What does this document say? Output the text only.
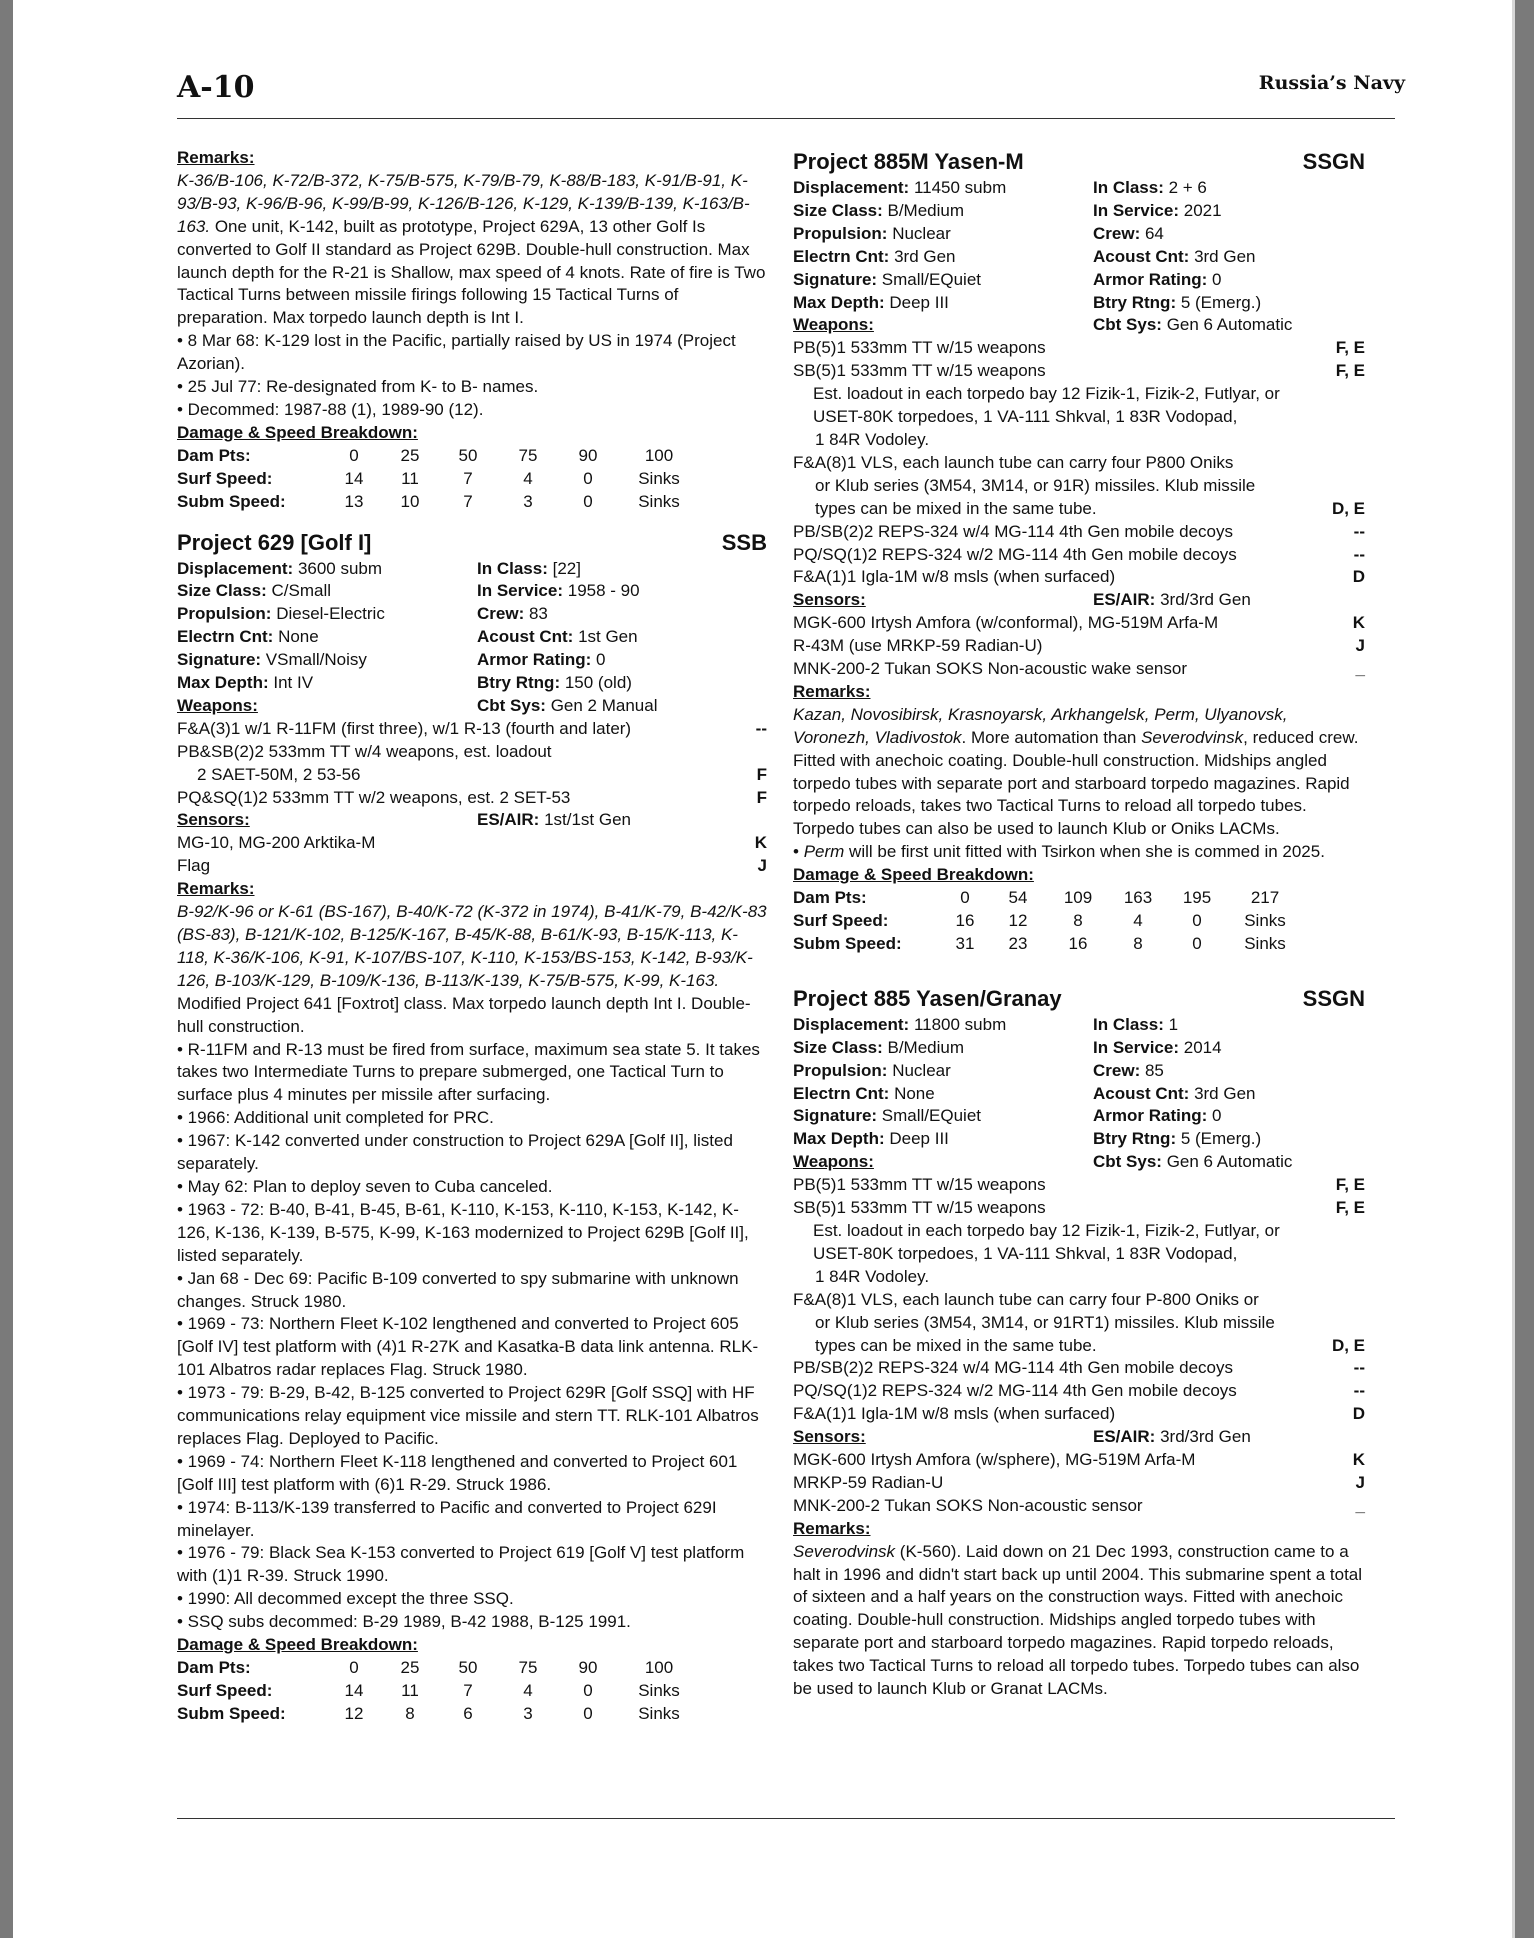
A-10	Russia’s Navy
Remarks:
K-36/B-106, K-72/B-372, K-75/B-575, K-79/B-79, K-88/B-183, K-91/B-91, K-93/B-93, K-96/B-96, K-99/B-99, K-126/B-126, K-129, K-139/B-139, K-163/B-163. One unit, K-142, built as prototype, Project 629A, 13 other Golf Is converted to Golf II standard as Project 629B. Double-hull construction. Max launch depth for the R-21 is Shallow, max speed of 4 knots. Rate of fire is Two Tactical Turns between missile firings following 15 Tactical Turns of preparation. Max torpedo launch depth is Int I.
• 8 Mar 68: K-129 lost in the Pacific, partially raised by US in 1974 (Project Azorian).
• 25 Jul 77: Re-designated from K- to B- names.
• Decommed: 1987-88 (1), 1989-90 (12).
Damage & Speed Breakdown:
Dam Pts:	0	25	50	75	90	100
Surf Speed:	14	11	7	4	0	Sinks
Subm Speed:	13	10	7	3	0	Sinks
Project 629 [Golf I]	SSB
Displacement: 3600 subm	In Class: [22]
Size Class: C/Small	In Service: 1958 - 90
Propulsion: Diesel-Electric	Crew: 83
Electrn Cnt: None	Acoust Cnt: 1st Gen
Signature: VSmall/Noisy	Armor Rating: 0
Max Depth: Int IV	Btry Rtng: 150 (old)
Weapons:	Cbt Sys: Gen 2 Manual
F&A(3)1 w/1 R-11FM (first three), w/1 R-13 (fourth and later)	--
PB&SB(2)2 533mm TT w/4 weapons, est. loadout
2 SAET-50M, 2 53-56	F
PQ&SQ(1)2 533mm TT w/2 weapons, est. 2 SET-53	F
Sensors:	ES/AIR: 1st/1st Gen
MG-10, MG-200 Arktika-M	K
Flag	J
Remarks:
B-92/K-96 or K-61 (BS-167), B-40/K-72 (K-372 in 1974), B-41/K-79, B-42/K-83 (BS-83), B-121/K-102, B-125/K-167, B-45/K-88, B-61/K-93, B-15/K-113, K-118, K-36/K-106, K-91, K-107/BS-107, K-110, K-153/BS-153, K-142, B-93/K-126, B-103/K-129, B-109/K-136, B-113/K-139, K-75/B-575, K-99, K-163. Modified Project 641 [Foxtrot] class. Max torpedo launch depth Int I. Double-hull construction.
• R-11FM and R-13 must be fired from surface, maximum sea state 5. It takes takes two Intermediate Turns to prepare submerged, one Tactical Turn to surface plus 4 minutes per missile after surfacing.
• 1966: Additional unit completed for PRC.
• 1967: K-142 converted under construction to Project 629A [Golf II], listed separately.
• May 62: Plan to deploy seven to Cuba canceled.
• 1963 - 72: B-40, B-41, B-45, B-61, K-110, K-153, K-110, K-153, K-142, K-126, K-136, K-139, B-575, K-99, K-163 modernized to Project 629B [Golf II], listed separately.
• Jan 68 - Dec 69: Pacific B-109 converted to spy submarine with unknown changes. Struck 1980.
• 1969 - 73: Northern Fleet K-102 lengthened and converted to Project 605 [Golf IV] test platform with (4)1 R-27K and Kasatka-B data link antenna. RLK-101 Albatros radar replaces Flag. Struck 1980.
• 1973 - 79: B-29, B-42, B-125 converted to Project 629R [Golf SSQ] with HF communications relay equipment vice missile and stern TT. RLK-101 Albatros replaces Flag. Deployed to Pacific.
• 1969 - 74: Northern Fleet K-118 lengthened and converted to Project 601 [Golf III] test platform with (6)1 R-29. Struck 1986.
• 1974: B-113/K-139 transferred to Pacific and converted to Project 629I minelayer.
• 1976 - 79: Black Sea K-153 converted to Project 619 [Golf V] test platform with (1)1 R-39. Struck 1990.
• 1990: All decommed except the three SSQ.
• SSQ subs decommed: B-29 1989, B-42 1988, B-125 1991.
Damage & Speed Breakdown:
Dam Pts:	0	25	50	75	90	100
Surf Speed:	14	11	7	4	0	Sinks
Subm Speed:	12	8	6	3	0	Sinks
Project 885M Yasen-M	SSGN
Displacement: 11450 subm	In Class: 2 + 6
Size Class: B/Medium	In Service: 2021
Propulsion: Nuclear	Crew: 64
Electrn Cnt: 3rd Gen	Acoust Cnt: 3rd Gen
Signature: Small/EQuiet	Armor Rating: 0
Max Depth: Deep III	Btry Rtng: 5 (Emerg.)
Weapons:	Cbt Sys: Gen 6 Automatic
PB(5)1 533mm TT w/15 weapons	F, E
SB(5)1 533mm TT w/15 weapons	F, E
Est. loadout in each torpedo bay 12 Fizik-1, Fizik-2, Futlyar, or
USET-80K torpedoes, 1 VA-111 Shkval, 1 83R Vodopad,
1 84R Vodoley.
F&A(8)1 VLS, each launch tube can carry four P800 Oniks
or Klub series (3M54, 3M14, or 91R) missiles. Klub missile
types can be mixed in the same tube.	D, E
PB/SB(2)2 REPS-324 w/4 MG-114 4th Gen mobile decoys	--
PQ/SQ(1)2 REPS-324 w/2 MG-114 4th Gen mobile decoys	--
F&A(1)1 Igla-1M w/8 msls (when surfaced)	D
Sensors:	ES/AIR: 3rd/3rd Gen
MGK-600 Irtysh Amfora (w/conformal), MG-519M Arfa-M	K
R-43M (use MRKP-59 Radian-U)	J
MNK-200-2 Tukan SOKS Non-acoustic wake sensor	_
Remarks:
Kazan, Novosibirsk, Krasnoyarsk, Arkhangelsk, Perm, Ulyanovsk, Voronezh, Vladivostok. More automation than Severodvinsk, reduced crew. Fitted with anechoic coating. Double-hull construction. Midships angled torpedo tubes with separate port and starboard torpedo magazines. Rapid torpedo reloads, takes two Tactical Turns to reload all torpedo tubes. Torpedo tubes can also be used to launch Klub or Oniks LACMs.
• Perm will be first unit fitted with Tsirkon when she is commed in 2025.
Damage & Speed Breakdown:
Dam Pts:	0	54	109	163	195	217
Surf Speed:	16	12	8	4	0	Sinks
Subm Speed:	31	23	16	8	0	Sinks
Project 885 Yasen/Granay	SSGN
Displacement: 11800 subm	In Class: 1
Size Class: B/Medium	In Service: 2014
Propulsion: Nuclear	Crew: 85
Electrn Cnt: None	Acoust Cnt: 3rd Gen
Signature: Small/EQuiet	Armor Rating: 0
Max Depth: Deep III	Btry Rtng: 5 (Emerg.)
Weapons:	Cbt Sys: Gen 6 Automatic
PB(5)1 533mm TT w/15 weapons	F, E
SB(5)1 533mm TT w/15 weapons	F, E
Est. loadout in each torpedo bay 12 Fizik-1, Fizik-2, Futlyar, or
USET-80K torpedoes, 1 VA-111 Shkval, 1 83R Vodopad,
1 84R Vodoley.
F&A(8)1 VLS, each launch tube can carry four P-800 Oniks or
or Klub series (3M54, 3M14, or 91RT1) missiles. Klub missile
types can be mixed in the same tube.	D, E
PB/SB(2)2 REPS-324 w/4 MG-114 4th Gen mobile decoys	--
PQ/SQ(1)2 REPS-324 w/2 MG-114 4th Gen mobile decoys	--
F&A(1)1 Igla-1M w/8 msls (when surfaced)	D
Sensors:	ES/AIR: 3rd/3rd Gen
MGK-600 Irtysh Amfora (w/sphere), MG-519M Arfa-M	K
MRKP-59 Radian-U	J
MNK-200-2 Tukan SOKS Non-acoustic sensor	_
Remarks:
Severodvinsk (K-560). Laid down on 21 Dec 1993, construction came to a halt in 1996 and didn't start back up until 2004. This submarine spent a total of sixteen and a half years on the construction ways. Fitted with anechoic coating. Double-hull construction. Midships angled torpedo tubes with separate port and starboard torpedo magazines. Rapid torpedo reloads, takes two Tactical Turns to reload all torpedo tubes. Torpedo tubes can also be used to launch Klub or Granat LACMs.
